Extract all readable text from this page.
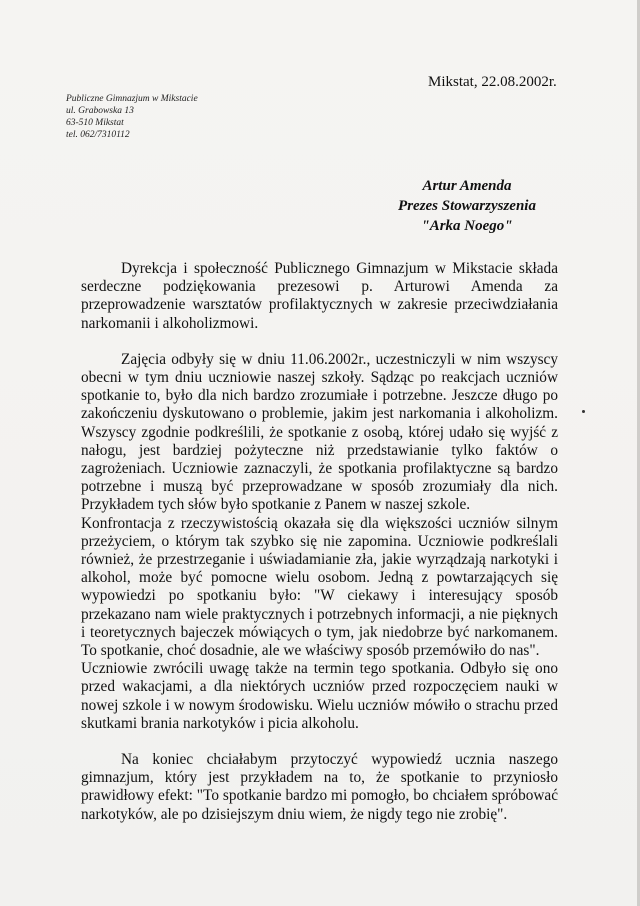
Mikstat, 22.08.2002r.
Publiczne Gimnazjum w Mikstacie
ul. Grabowska 13
63-510 Mikstat
tel. 062/7310112
Artur Amenda
Prezes Stowarzyszenia
"Arka Noego"

Dyrekcja i społeczność Publicznego Gimnazjum w Mikstacie składa serdeczne podziękowania prezesowi p. Arturowi Amenda za przeprowadzenie warsztatów profilaktycznych w zakresie przeciwdziałania narkomanii i alkoholizmowi.

Zajęcia odbyły się w dniu 11.06.2002r., uczestniczyli w nim wszyscy obecni w tym dniu uczniowie naszej szkoły. Sądząc po reakcjach uczniów spotkanie to, było dla nich bardzo zrozumiałe i potrzebne. Jeszcze długo po zakończeniu dyskutowano o problemie, jakim jest narkomania i alkoholizm. Wszyscy zgodnie podkreślili, że spotkanie z osobą, której udało się wyjść z nałogu, jest bardziej pożyteczne niż przedstawianie tylko faktów o zagrożeniach. Uczniowie zaznaczyli, że spotkania profilaktyczne są bardzo potrzebne i muszą być przeprowadzane w sposób zrozumiały dla nich. Przykładem tych słów było spotkanie z Panem w naszej szkole.

Konfrontacja z rzeczywistością okazała się dla większości uczniów silnym przeżyciem, o którym tak szybko się nie zapomina. Uczniowie podkreślali również, że przestrzeganie i uświadamianie zła, jakie wyrządzają narkotyki i alkohol, może być pomocne wielu osobom. Jedną z powtarzających się wypowiedzi po spotkaniu było: "W ciekawy i interesujący sposób przekazano nam wiele praktycznych i potrzebnych informacji, a nie pięknych i teoretycznych bajeczek mówiących o tym, jak niedobrze być narkomanem. To spotkanie, choć dosadnie, ale we właściwy sposób przemówiło do nas".

Uczniowie zwrócili uwagę także na termin tego spotkania. Odbyło się ono przed wakacjami, a dla niektórych uczniów przed rozpoczęciem nauki w nowej szkole i w nowym środowisku. Wielu uczniów mówiło o strachu przed skutkami brania narkotyków i picia alkoholu.

Na koniec chciałabym przytoczyć wypowiedź ucznia naszego gimnazjum, który jest przykładem na to, że spotkanie to przyniosło prawidłowy efekt: "To spotkanie bardzo mi pomogło, bo chciałem spróbować narkotyków, ale po dzisiejszym dniu wiem, że nigdy tego nie zrobię".
